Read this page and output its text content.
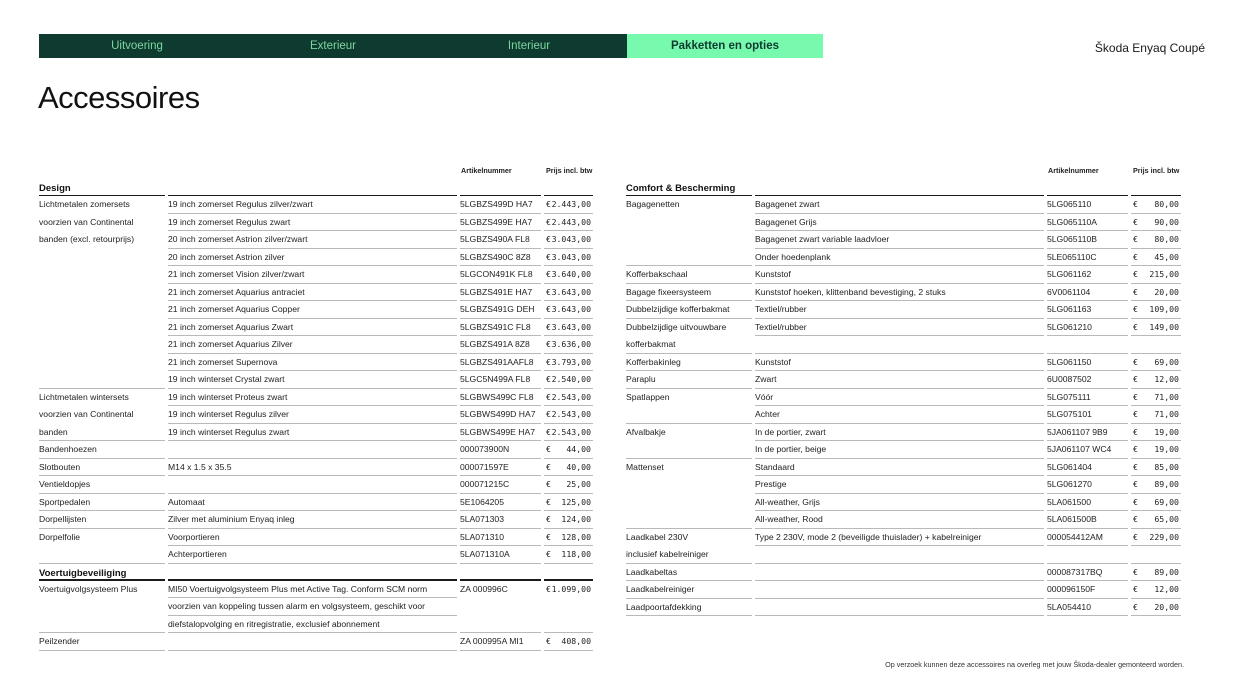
Uitvoering	Exterieur	Interieur	Pakketten en opties	Škoda Enyaq Coupé
Accessoires
Artikelnummer	Prijs incl. btw
Design
Lichtmetalen zomersets	19 inch zomerset Regulus zilver/zwart	5LGBZS499D HA7	€ 2.443,00
voorzien van Continental	19 inch zomerset Regulus zwart	5LGBZS499E HA7	€ 2.443,00
banden (excl. retourprijs)	20 inch zomerset Astrion zilver/zwart	5LGBZS490A FL8	€ 3.043,00
20 inch zomerset Astrion zilver	5LGBZS490C 8Z8	€ 3.043,00
21 inch zomerset Vision zilver/zwart	5LGCON491K FL8	€ 3.640,00
21 inch zomerset Aquarius antraciet	5LGBZS491E HA7	€ 3.643,00
21 inch zomerset Aquarius Copper	5LGBZS491G DEH	€ 3.643,00
21 inch zomerset Aquarius Zwart	5LGBZS491C FL8	€ 3.643,00
21 inch zomerset Aquarius Zilver	5LGBZS491A 8Z8	€ 3.636,00
21 inch zomerset Supernova	5LGBZS491AAFL8	€ 3.793,00
19 inch winterset Crystal zwart	5LGC5N499A FL8	€ 2.540,00
Lichtmetalen wintersets	19 inch winterset Proteus zwart	5LGBWS499C FL8	€ 2.543,00
voorzien van Continental	19 inch winterset Regulus zilver	5LGBWS499D HA7	€ 2.543,00
banden	19 inch winterset Regulus zwart	5LGBWS499E HA7	€ 2.543,00
Bandenhoezen	000073900N	€ 44,00
Slotbouten	M14 x 1.5 x 35.5	000071597E	€ 40,00
Ventieldopjes	000071215C	€ 25,00
Sportpedalen	Automaat	5E1064205	€ 125,00
Dorpellijsten	Zilver met aluminium Enyaq inleg	5LA071303	€ 124,00
Dorpelfolie	Voorportieren	5LA071310	€ 128,00
Achterportieren	5LA071310A	€ 118,00
Voertuigbeveiliging
Voertuigvolgsysteem Plus	MI50 Voertuigvolgsysteem Plus met Active Tag. Conform SCM norm	ZA 000996C	€ 1.099,00
voorzien van koppeling tussen alarm en volgsysteem, geschikt voor
diefstalopvolging en ritregistratie, exclusief abonnement
Peilzender	ZA 000995A MI1	€ 408,00
Artikelnummer	Prijs incl. btw
Comfort & Bescherming
Bagagenetten	Bagagenet zwart	5LG065110	€ 80,00
Bagagenet Grijs	5LG065110A	€ 90,00
Bagagenet zwart variable laadvloer	5LG065110B	€ 80,00
Onder hoedenplank	5LE065110C	€ 45,00
Kofferbakschaal	Kunststof	5LG061162	€ 215,00
Bagage fixeersysteem	Kunststof hoeken, klittenband bevestiging, 2 stuks	6V0061104	€ 20,00
Dubbelzijdige kofferbakmat	Textiel/rubber	5LG061163	€ 109,00
Dubbelzijdige uitvouwbare	Textiel/rubber	5LG061210	€ 149,00
kofferbakmat
Kofferbakinleg	Kunststof	5LG061150	€ 69,00
Paraplu	Zwart	6U0087502	€ 12,00
Spatlappen	Vóór	5LG075111	€ 71,00
Achter	5LG075101	€ 71,00
Afvalbakje	In de portier, zwart	5JA061107 9B9	€ 19,00
In de portier, beige	5JA061107 WC4	€ 19,00
Mattenset	Standaard	5LG061404	€ 85,00
Prestige	5LG061270	€ 89,00
All-weather, Grijs	5LA061500	€ 69,00
All-weather, Rood	5LA061500B	€ 65,00
Laadkabel 230V	Type 2 230V, mode 2 (beveiligde thuislader) + kabelreiniger	000054412AM	€ 229,00
inclusief kabelreiniger
Laadkabeltas	000087317BQ	€ 89,00
Laadkabelreiniger	000096150F	€ 12,00
Laadpoortafdekking	5LA054410	€ 20,00
Op verzoek kunnen deze accessoires na overleg met jouw Škoda-dealer gemonteerd worden.
